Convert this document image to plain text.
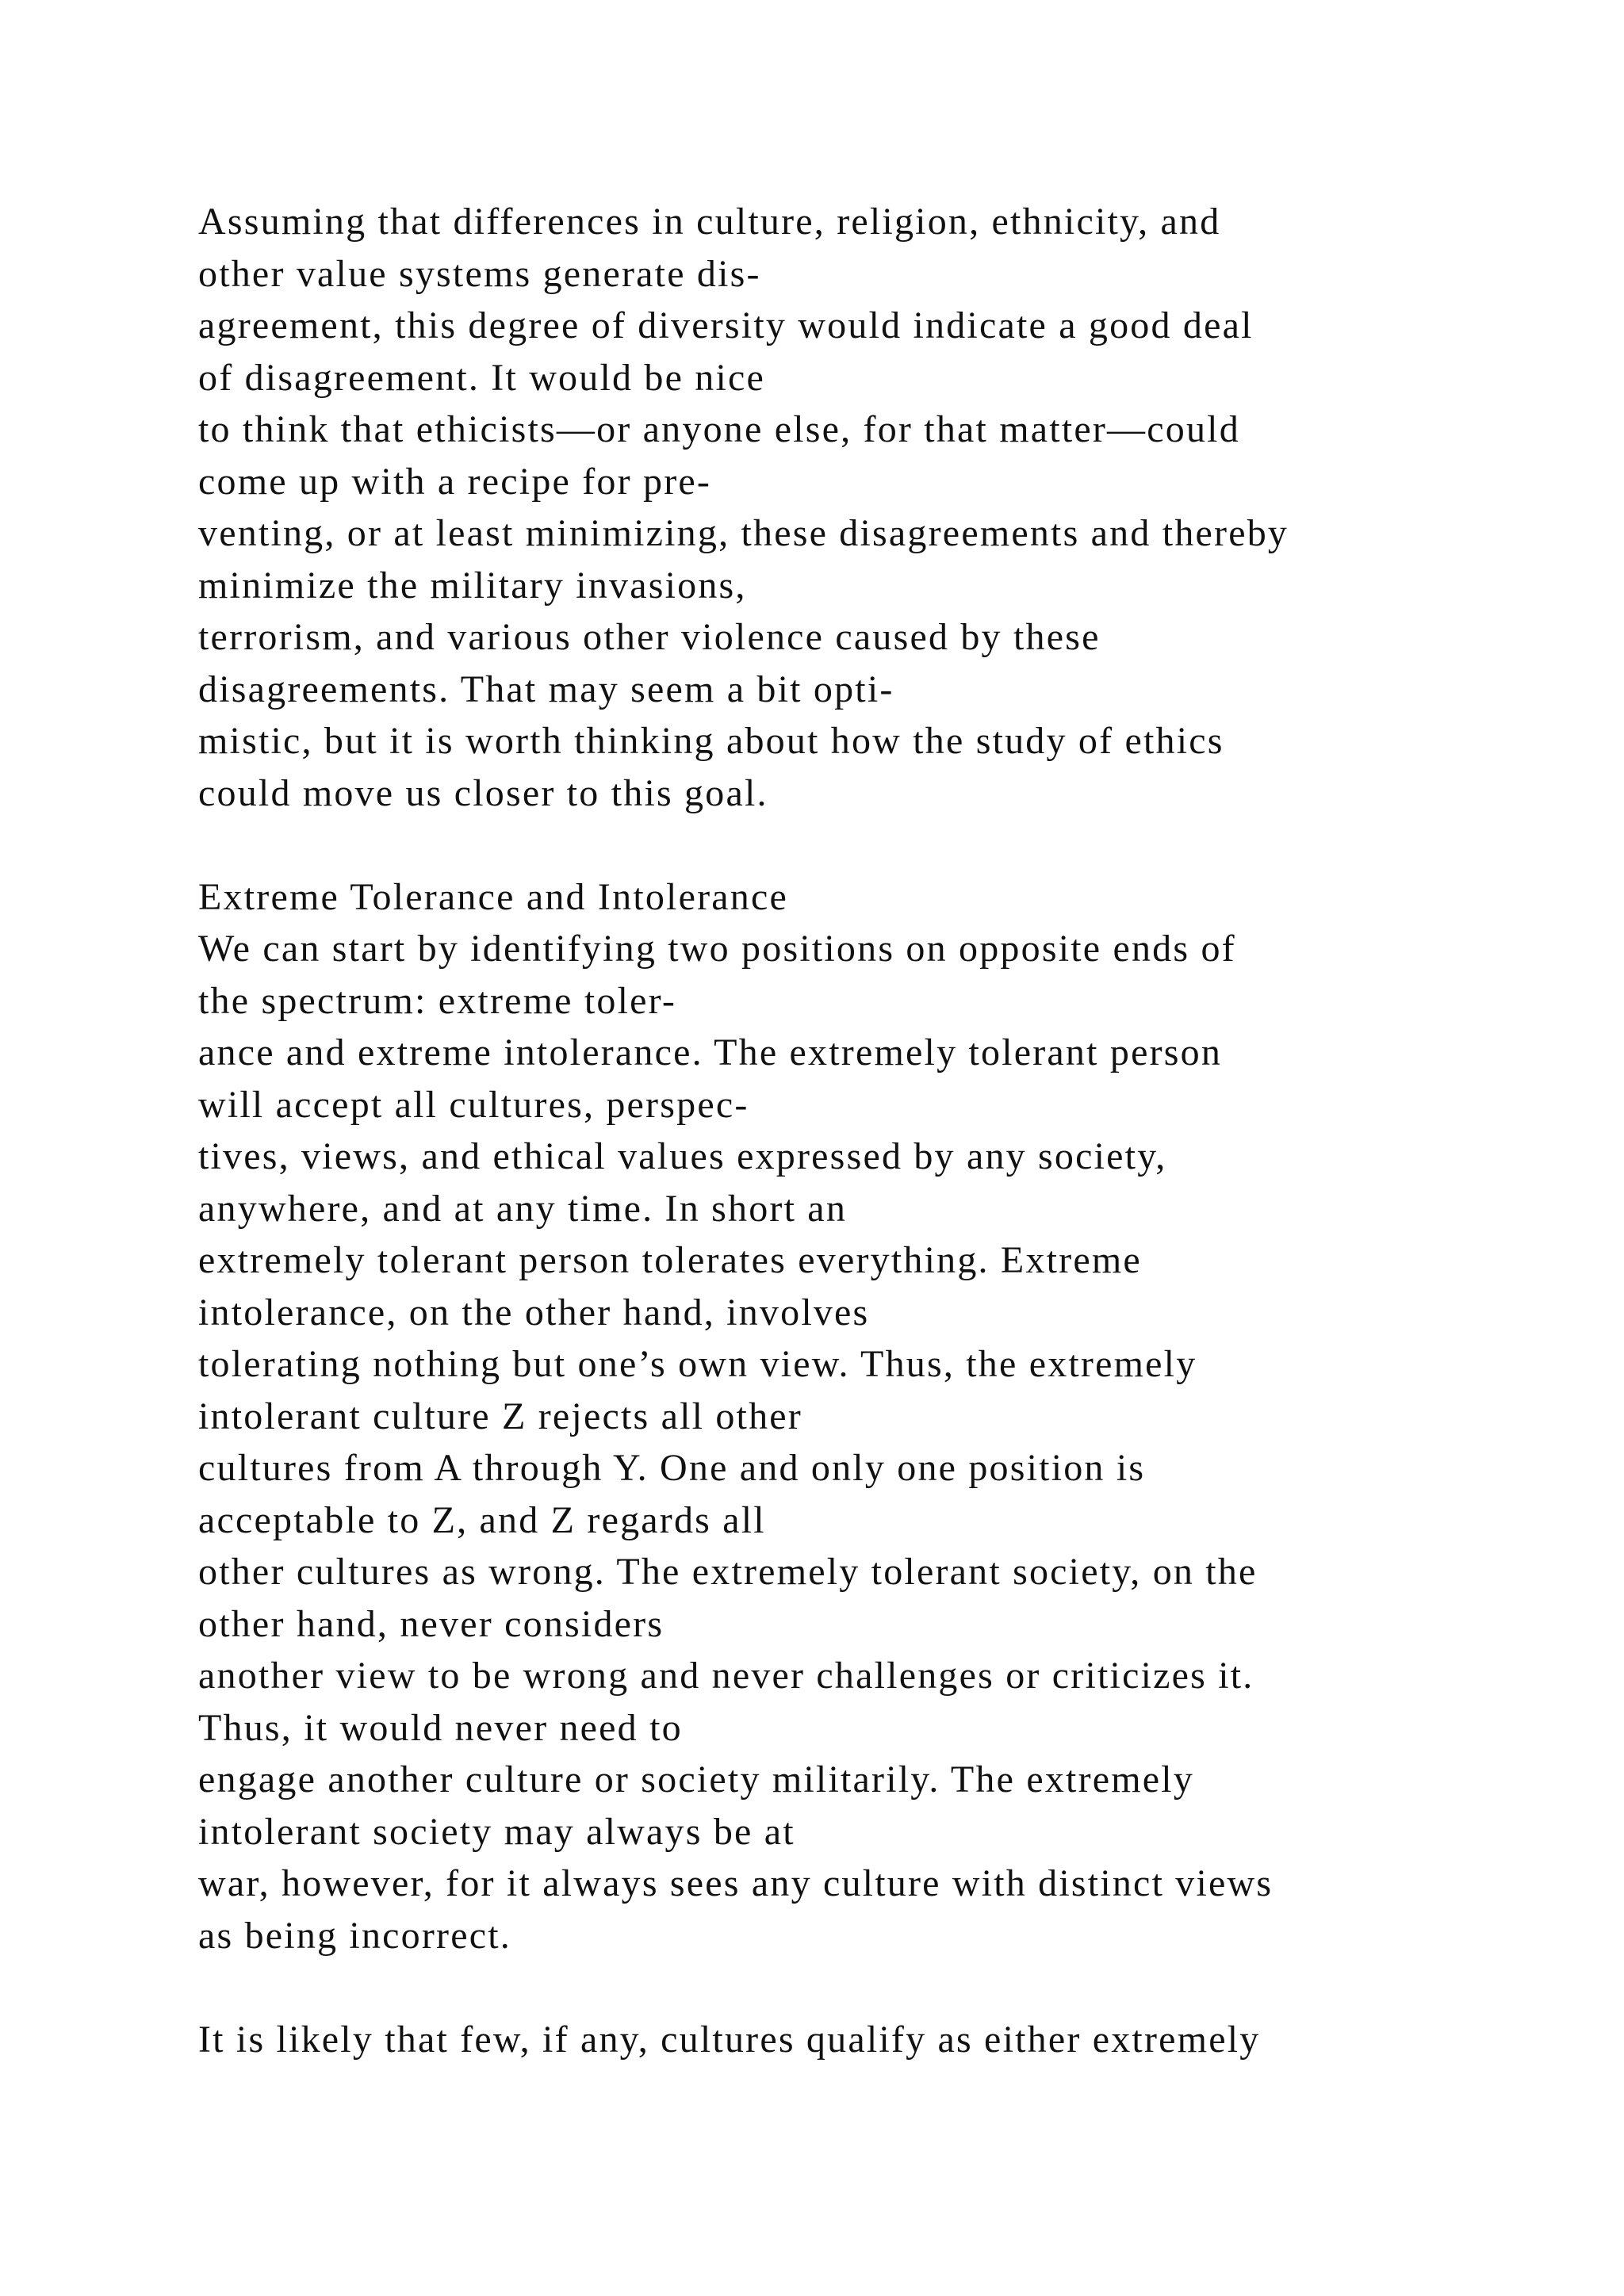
Assuming that differences in culture, religion, ethnicity, and
other value systems generate dis-
agreement, this degree of diversity would indicate a good deal
of disagreement. It would be nice
to think that ethicists—or anyone else, for that matter—could
come up with a recipe for pre-
venting, or at least minimizing, these disagreements and thereby
minimize the military invasions,
terrorism, and various other violence caused by these
disagreements. That may seem a bit opti-
mistic, but it is worth thinking about how the study of ethics
could move us closer to this goal.
Extreme Tolerance and Intolerance
We can start by identifying two positions on opposite ends of
the spectrum: extreme toler-
ance and extreme intolerance. The extremely tolerant person
will accept all cultures, perspec-
tives, views, and ethical values expressed by any society,
anywhere, and at any time. In short an
extremely tolerant person tolerates everything. Extreme
intolerance, on the other hand, involves
tolerating nothing but one’s own view. Thus, the extremely
intolerant culture Z rejects all other
cultures from A through Y. One and only one position is
acceptable to Z, and Z regards all
other cultures as wrong. The extremely tolerant society, on the
other hand, never considers
another view to be wrong and never challenges or criticizes it.
Thus, it would never need to
engage another culture or society militarily. The extremely
intolerant society may always be at
war, however, for it always sees any culture with distinct views
as being incorrect.
It is likely that few, if any, cultures qualify as either extremely
